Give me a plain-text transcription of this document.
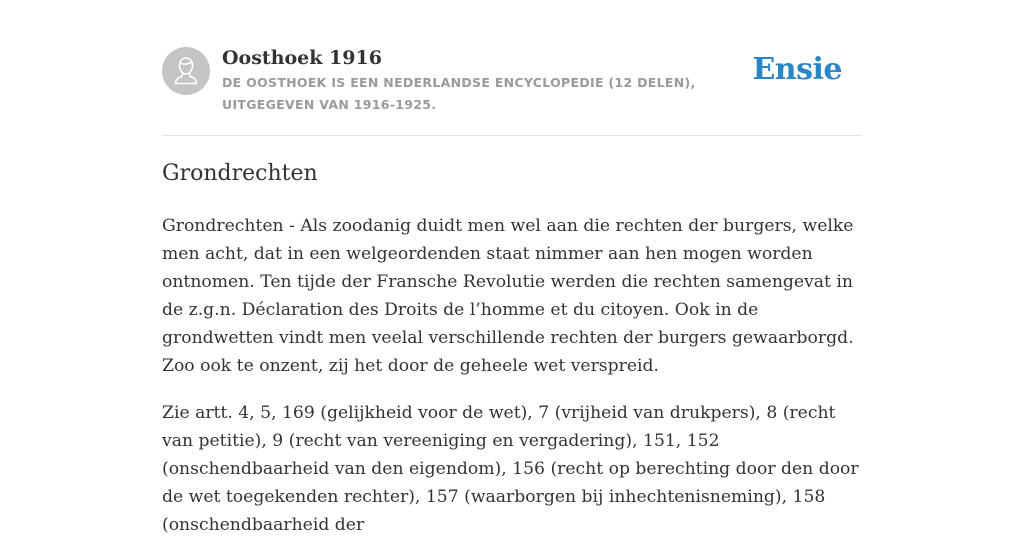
Oosthoek 1916

DE OOSTHOEK IS EEN NEDERLANDSE ENCYCLOPEDIE (12 DELEN), UITGEGEVEN VAN 1916-1925.

Ensie
Grondrechten

Grondrechten - Als zoodanig duidt men wel aan die rechten der burgers, welke men acht, dat in een welgeordenden staat nimmer aan hen mogen worden ontnomen. Ten tijde der Fransche Revolutie werden die rechten samengevat in de z.g.n. Déclaration des Droits de l’homme et du citoyen. Ook in de grondwetten vindt men veelal verschillende rechten der burgers gewaarborgd. Zoo ook te onzent, zij het door de geheele wet verspreid.

Zie artt. 4, 5, 169 (gelijkheid voor de wet), 7 (vrijheid van drukpers), 8 (recht van petitie), 9 (recht van vereeniging en vergadering), 151, 152 (onschendbaarheid van den eigendom), 156 (recht op berechting door den door de wet toegekenden rechter), 157 (waarborgen bij inhechtenisneming), 158 (onschendbaarheid der
